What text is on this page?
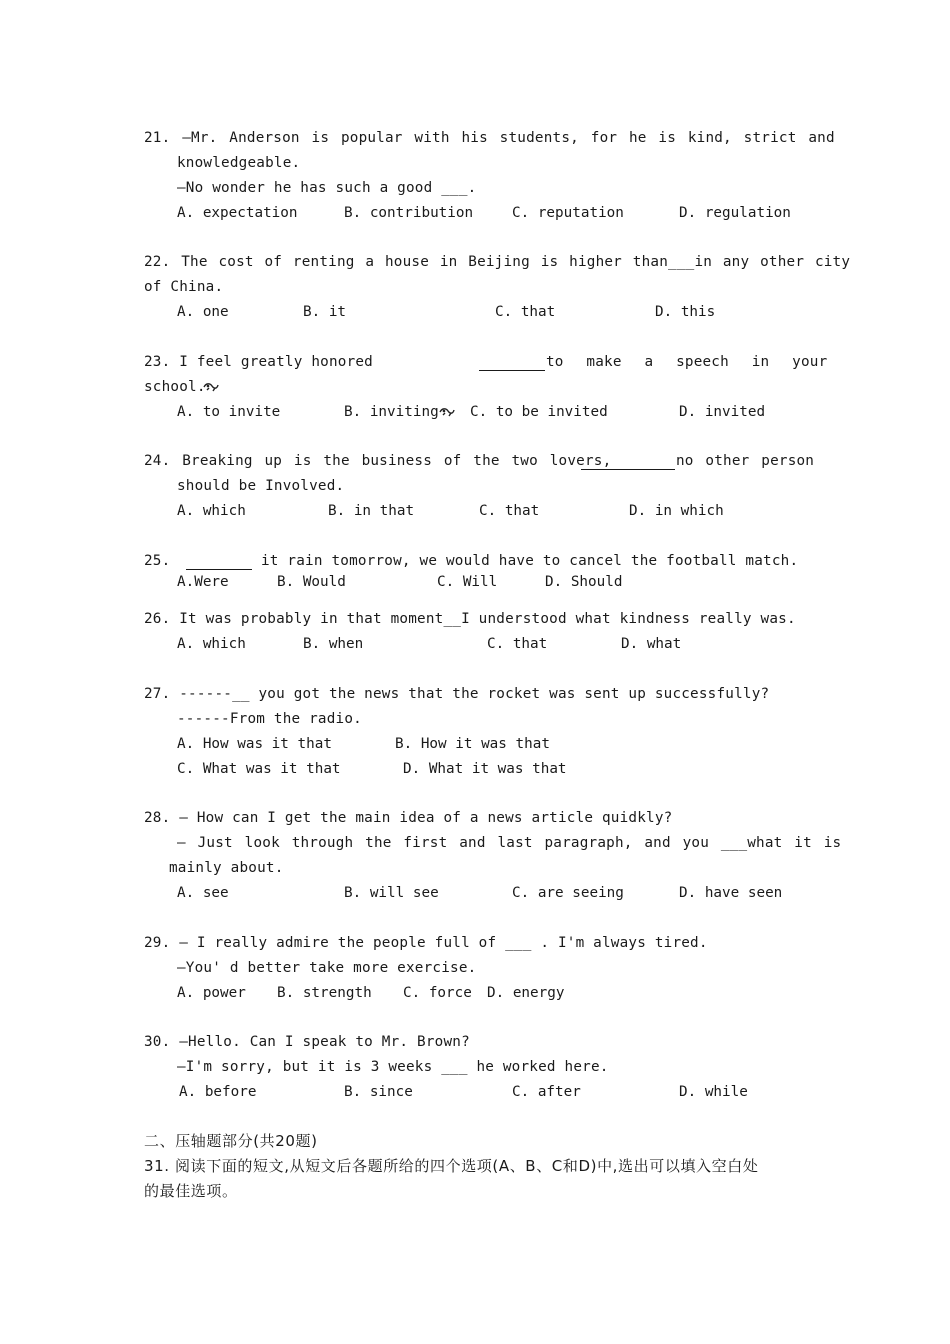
21. —Mr. Anderson is popular with his students, for he is kind, strict and
knowledgeable.
—No wonder he has such a good ___.
A. expectation	B. contribution	C. reputation	D. regulation
22. The cost of renting a house in Beijing is higher than___in any other city
of China.
A. one	B. it	C. that	D. this
23. I feel greatly honored	to make a speech in your
school.
A. to invite	B. inviting C. to be invited	D. invited
24. Breaking up is the business of the two lovers,	no other person
should be Involved.
A. which	B. in that	C. that	D. in which
25.	it rain tomorrow, we would have to cancel the football match.
A.Were	B. Would	C. Will	D. Should
26. It was probably in that moment__I understood what kindness really was.
A. which	B. when	C. that	D. what
27. ------__ you got the news that the rocket was sent up successfully?
------From the radio.
A. How was it that	B. How it was that
C. What was it that	D. What it was that
28. — How can I get the main idea of a news article quidkly?
— Just look through the first and last paragraph, and you ___what it is
mainly about.
A. see	B. will see	C. are seeing	D. have seen
29. — I really admire the people full of ___ . I'm always tired.
—You' d better take more exercise.
A. power B. strength C. force D. energy
30. —Hello. Can I speak to Mr. Brown?
—I'm sorry, but it is 3 weeks ___ he worked here.
A. before	B. since	C. after	D. while
二、压轴题部分(共20题)
31. 阅读下面的短文,从短文后各题所给的四个选项(A、B、C和D)中,选出可以填入空白处
的最佳选项。
